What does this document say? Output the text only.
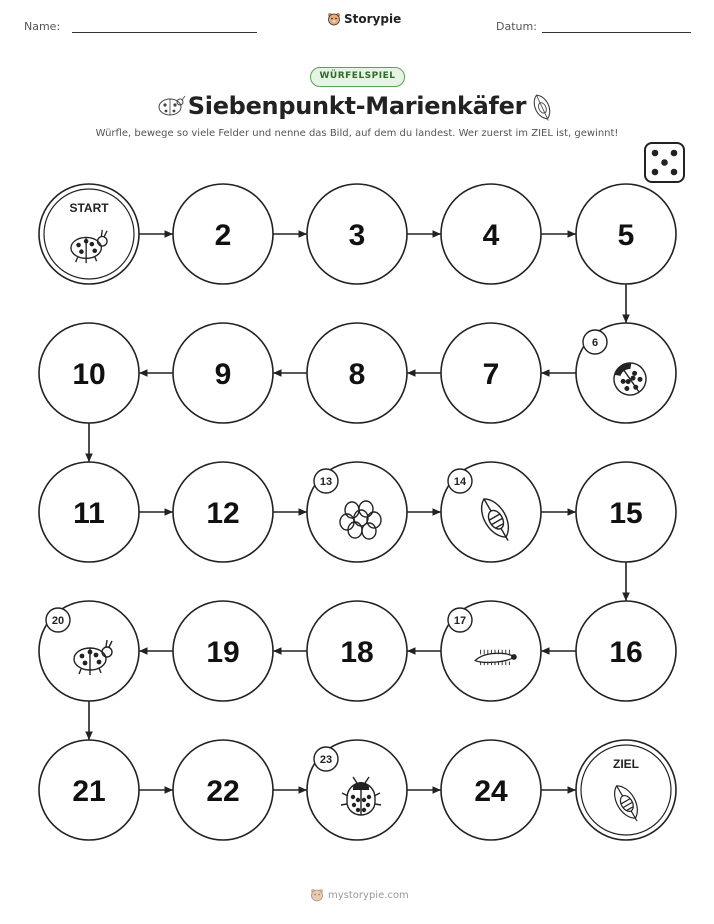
Name:
Storypie
Datum:
WÜRFELSPIEL
Siebenpunkt-Marienkäfer
Würfle, bewege so viele Felder und nenne das Bild, auf dem du landest. Wer zuerst im ZIEL ist, gewinnt!
START
2	3	4	5
6
7
8
9
10
11	12
13	14
15
16
17
18
19
20
21	22
23
24
ZIEL
mystorypie.com
